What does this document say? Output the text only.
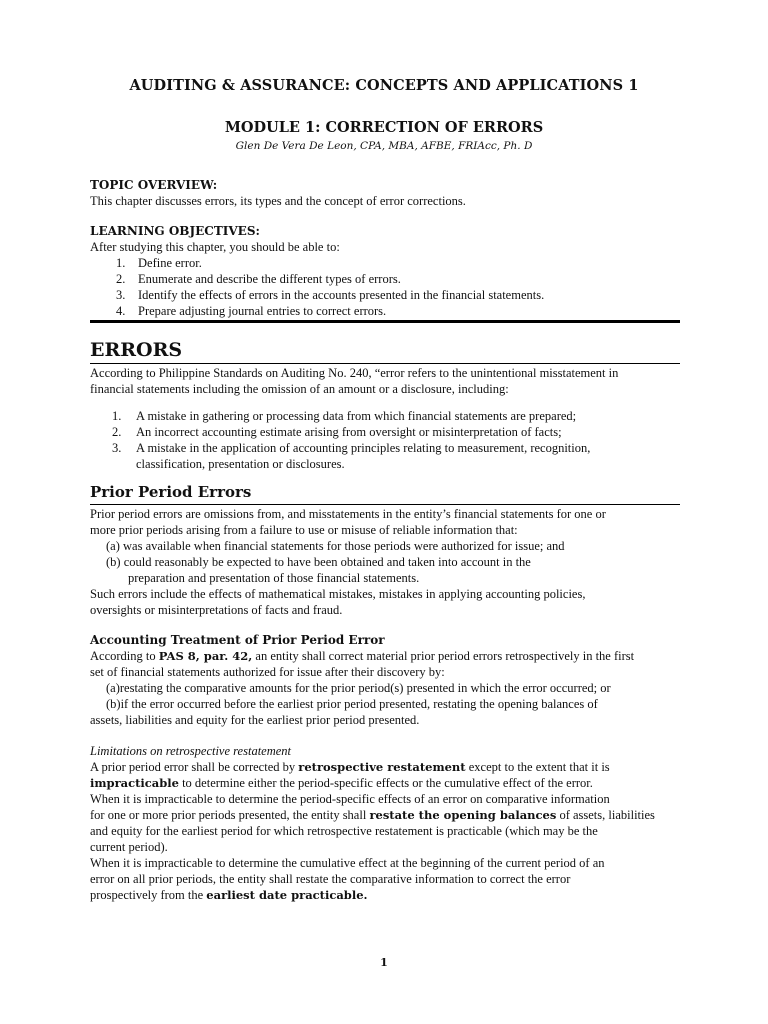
AUDITING & ASSURANCE: CONCEPTS AND APPLICATIONS 1
MODULE 1: CORRECTION OF ERRORS
Glen De Vera De Leon, CPA, MBA, AFBE, FRIAcc, Ph. D
TOPIC OVERVIEW:
This chapter discusses errors, its types and the concept of error corrections.
LEARNING OBJECTIVES:
After studying this chapter, you should be able to:
1. Define error.
2. Enumerate and describe the different types of errors.
3. Identify the effects of errors in the accounts presented in the financial statements.
4. Prepare adjusting journal entries to correct errors.
ERRORS
According to Philippine Standards on Auditing No. 240, “error refers to the unintentional misstatement in
financial statements including the omission of an amount or a disclosure, including:
1. A mistake in gathering or processing data from which financial statements are prepared;
2. An incorrect accounting estimate arising from oversight or misinterpretation of facts;
3. A mistake in the application of accounting principles relating to measurement, recognition,
classification, presentation or disclosures.
Prior Period Errors
Prior period errors are omissions from, and misstatements in the entity’s financial statements for one or
more prior periods arising from a failure to use or misuse of reliable information that:
(a) was available when financial statements for those periods were authorized for issue; and
(b) could reasonably be expected to have been obtained and taken into account in the
preparation and presentation of those financial statements.
Such errors include the effects of mathematical mistakes, mistakes in applying accounting policies,
oversights or misinterpretations of facts and fraud.
Accounting Treatment of Prior Period Error
According to PAS 8, par. 42, an entity shall correct material prior period errors retrospectively in the first
set of financial statements authorized for issue after their discovery by:
(a)restating the comparative amounts for the prior period(s) presented in which the error occurred; or
(b)if the error occurred before the earliest prior period presented, restating the opening balances of
assets, liabilities and equity for the earliest prior period presented.
Limitations on retrospective restatement
A prior period error shall be corrected by retrospective restatement except to the extent that it is
impracticable to determine either the period-specific effects or the cumulative effect of the error.
When it is impracticable to determine the period-specific effects of an error on comparative information
for one or more prior periods presented, the entity shall restate the opening balances of assets, liabilities
and equity for the earliest period for which retrospective restatement is practicable (which may be the
current period).
When it is impracticable to determine the cumulative effect at the beginning of the current period of an
error on all prior periods, the entity shall restate the comparative information to correct the error
prospectively from the earliest date practicable.
1
